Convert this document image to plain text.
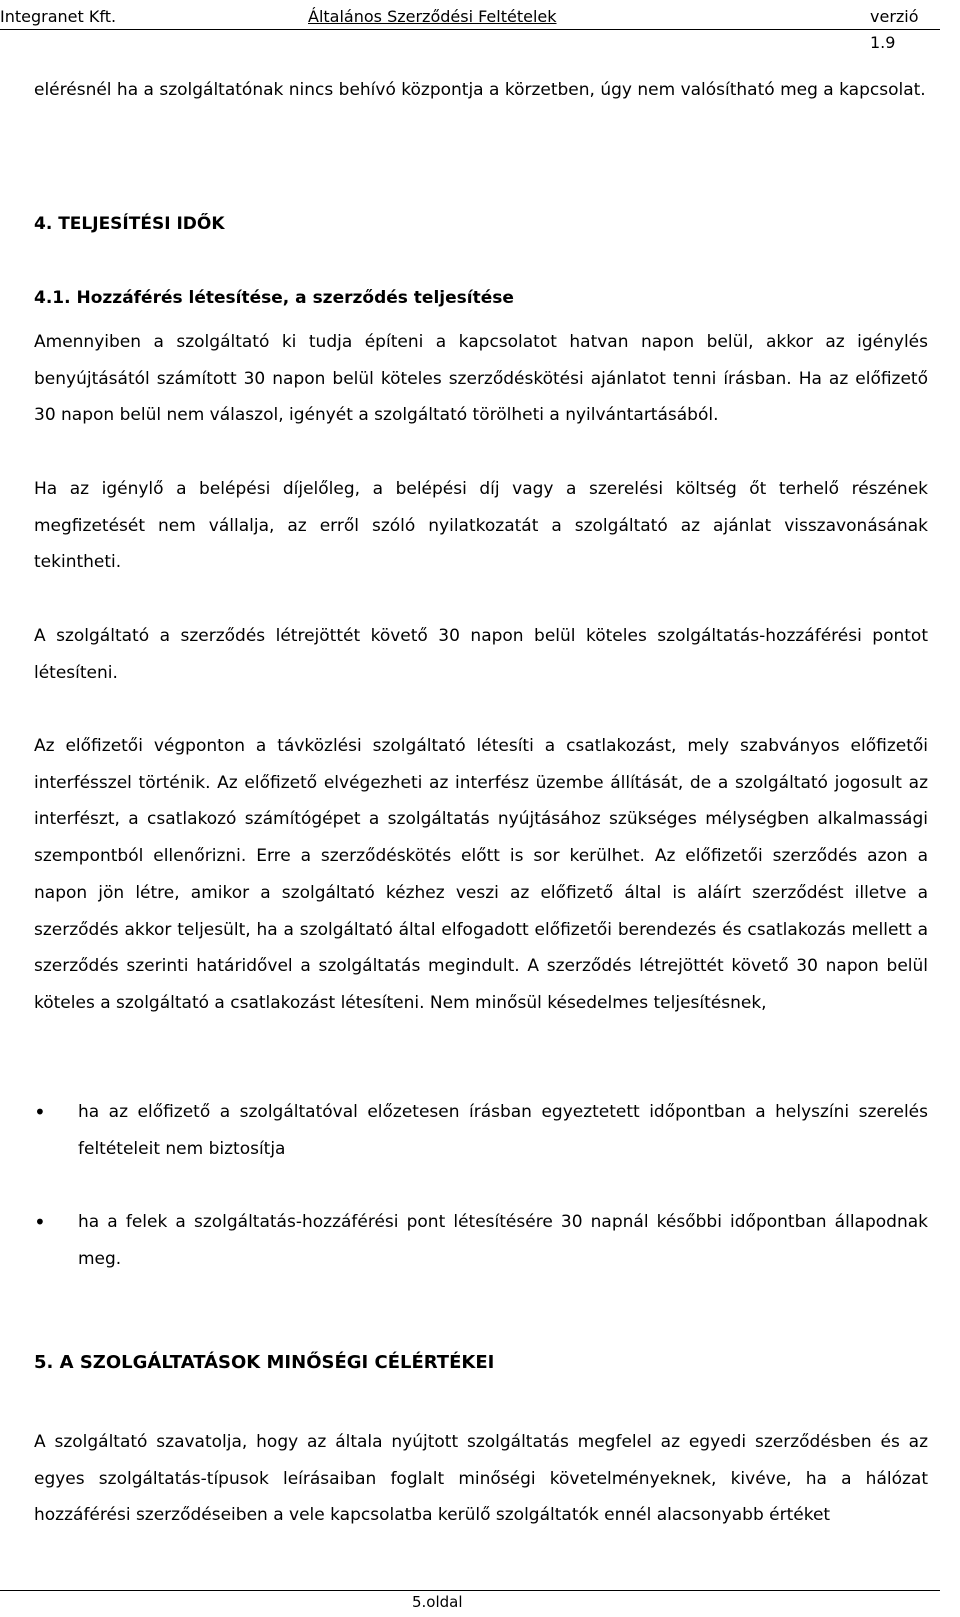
Integranet Kft.	Általános Szerződési Feltételek	verzió 1.9

elérésnél ha a szolgáltatónak nincs behívó központja a körzetben, úgy nem valósítható meg a kapcsolat.

4. TELJESÍTÉSI IDŐK
4.1. Hozzáférés létesítése, a szerződés teljesítése

Amennyiben a szolgáltató ki tudja építeni a kapcsolatot hatvan napon belül, akkor az igénylés benyújtásától számított 30 napon belül köteles szerződéskötési ajánlatot tenni írásban. Ha az előfizető 30 napon belül nem válaszol, igényét a szolgáltató törölheti a nyilvántartásából.

Ha az igénylő a belépési díjelőleg, a belépési díj vagy a szerelési költség őt terhelő részének megfizetését nem vállalja, az erről szóló nyilatkozatát a szolgáltató az ajánlat visszavonásának tekintheti.

A szolgáltató a szerződés létrejöttét követő 30 napon belül köteles szolgáltatás-hozzáférési pontot létesíteni.

Az előfizetői végponton a távközlési szolgáltató létesíti a csatlakozást, mely szabványos előfizetői interfésszel történik. Az előfizető elvégezheti az interfész üzembe állítását, de a szolgáltató jogosult az interfészt, a csatlakozó számítógépet a szolgáltatás nyújtásához szükséges mélységben alkalmassági szempontból ellenőrizni. Erre a szerződéskötés előtt is sor kerülhet. Az előfizetői szerződés azon a napon jön létre, amikor a szolgáltató kézhez veszi az előfizető által is aláírt szerződést illetve a szerződés akkor teljesült, ha a szolgáltató által elfogadott előfizetői berendezés és csatlakozás mellett a szerződés szerinti határidővel a szolgáltatás megindult. A szerződés létrejöttét követő 30 napon belül köteles a szolgáltató a csatlakozást létesíteni. Nem minősül késedelmes teljesítésnek,

• ha az előfizető a szolgáltatóval előzetesen írásban egyeztetett időpontban a helyszíni szerelés feltételeit nem biztosítja
• ha a felek a szolgáltatás-hozzáférési pont létesítésére 30 napnál későbbi időpontban állapodnak meg.
5. A SZOLGÁLTATÁSOK MINŐSÉGI CÉLÉRTÉKEI

A szolgáltató szavatolja, hogy az általa nyújtott szolgáltatás megfelel az egyedi szerződésben és az egyes szolgáltatás-típusok leírásaiban foglalt minőségi követelményeknek, kivéve, ha a hálózat hozzáférési szerződéseiben a vele kapcsolatba kerülő szolgáltatók ennél alacsonyabb értéket

5.oldal
